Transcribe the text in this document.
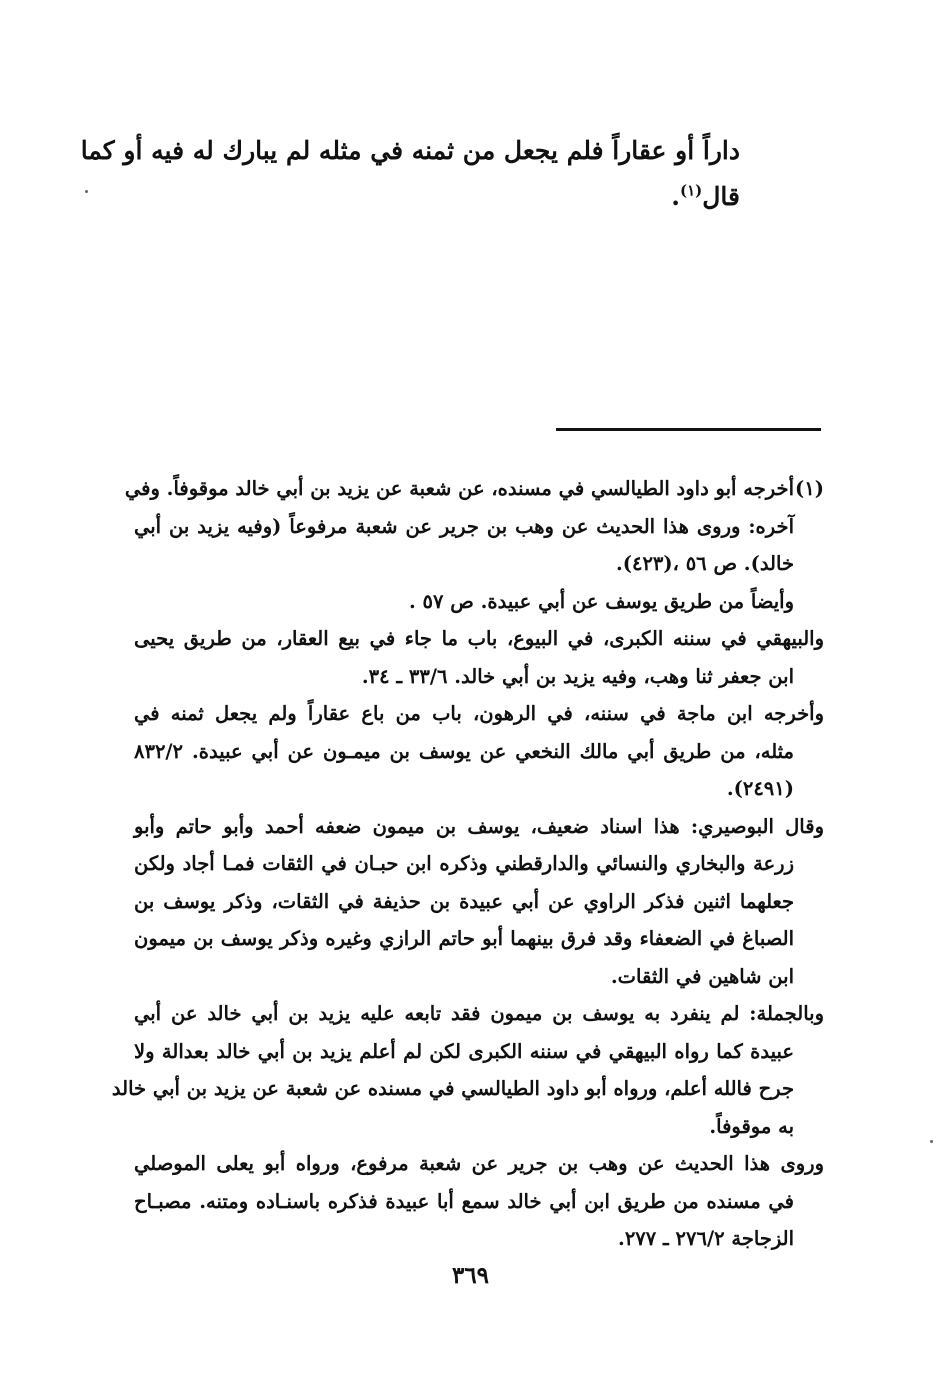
داراً أو عقاراً فلم يجعل من ثمنه في مثله لم يبارك له فيه أو كما
قال$^{(١)}$.
(١)أخرجه أبو داود الطيالسي في مسنده، عن شعبة عن يزيد بن أبي خالد موقوفاً. وفي
آخره: وروى هذا الحديث عن وهب بن جرير عن شعبة مرفوعاً (وفيه يزيد بن أبي
خالد). ص ٥٦ ،(٤٢٣).
وأيضاً من طريق يوسف عن أبي عبيدة. ص ٥٧ .
والبيهقي في سننه الكبرى، في البيوع، باب ما جاء في بيع العقار، من طريق يحيى
ابن جعفر ثنا وهب، وفيه يزيد بن أبي خالد. ٣٣/٦ ـ ٣٤.
وأخرجه ابن ماجة في سننه، في الرهون، باب من باع عقاراً ولم يجعل ثمنه في
مثله، من طريق أبي مالك النخعي عن يوسف بن ميمـون عن أبي عبيدة. ٨٣٢/٢
(٢٤٩١).
وقال البوصيري: هذا اسناد ضعيف، يوسف بن ميمون ضعفه أحمد وأبو حاتم وأبو
زرعة والبخاري والنسائي والدارقطني وذكره ابن حبـان في الثقات فمـا أجاد ولكن
جعلهما اثنين فذكر الراوي عن أبي عبيدة بن حذيفة في الثقات، وذكر يوسف بن
الصباغ في الضعفاء وقد فرق بينهما أبو حاتم الرازي وغيره وذكر يوسف بن ميمون
ابن شاهين في الثقات.
وبالجملة: لم ينفرد به يوسف بن ميمون فقد تابعه عليه يزيد بن أبي خالد عن أبي
عبيدة كما رواه البيهقي في سننه الكبرى لكن لم أعلم يزيد بن أبي خالد بعدالة ولا
جرح فالله أعلم، ورواه أبو داود الطيالسي في مسنده عن شعبة عن يزيد بن أبي خالد
به موقوفاً.
وروى هذا الحديث عن وهب بن جرير عن شعبة مرفوع، ورواه أبو يعلى الموصلي
في مسنده من طريق ابن أبي خالد سمع أبا عبيدة فذكره باسنـاده ومتنه. مصبـاح
الزجاجة ٢٧٦/٢ ـ ٢٧٧.
٣٦٩
